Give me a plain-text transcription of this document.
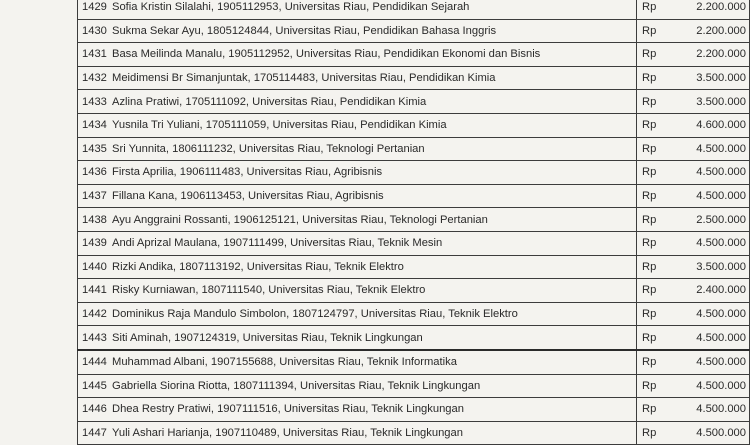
1429 Sofia Kristin Silalahi, 1905112953, Universitas Riau, Pendidikan Sejarah	Rp 2.200.000
1430 Sukma Sekar Ayu, 1805124844, Universitas Riau, Pendidikan Bahasa Inggris	Rp 2.200.000
1431 Basa Meilinda Manalu, 1905112952, Universitas Riau, Pendidikan Ekonomi dan Bisnis	Rp 2.200.000
1432 Meidimensi Br Simanjuntak, 1705114483, Universitas Riau, Pendidikan Kimia	Rp 3.500.000
1433 Azlina Pratiwi, 1705111092, Universitas Riau, Pendidikan Kimia	Rp 3.500.000
1434 Yusnila Tri Yuliani, 1705111059, Universitas Riau, Pendidikan Kimia	Rp 4.600.000
1435 Sri Yunnita, 1806111232, Universitas Riau, Teknologi Pertanian	Rp 4.500.000
1436 Firsta Aprilia, 1906111483, Universitas Riau, Agribisnis	Rp 4.500.000
1437 Fillana Kana, 1906113453, Universitas Riau, Agribisnis	Rp 4.500.000
1438 Ayu Anggraini Rossanti, 1906125121, Universitas Riau, Teknologi Pertanian	Rp 2.500.000
1439 Andi Aprizal Maulana, 1907111499, Universitas Riau, Teknik Mesin	Rp 4.500.000
1440 Rizki Andika, 1807113192, Universitas Riau, Teknik Elektro	Rp 3.500.000
1441 Risky Kurniawan, 1807111540, Universitas Riau, Teknik Elektro	Rp 2.400.000
1442 Dominikus Raja Mandulo Simbolon, 1807124797, Universitas Riau, Teknik Elektro	Rp 4.500.000
1443 Siti Aminah, 1907124319, Universitas Riau, Teknik Lingkungan	Rp 4.500.000
1444 Muhammad Albani, 1907155688, Universitas Riau, Teknik Informatika	Rp 4.500.000
1445 Gabriella Siorina Riotta, 1807111394, Universitas Riau, Teknik Lingkungan	Rp 4.500.000
1446 Dhea Restry Pratiwi, 1907111516, Universitas Riau, Teknik Lingkungan	Rp 4.500.000
1447 Yuli Ashari Harianja, 1907110489, Universitas Riau, Teknik Lingkungan	Rp 4.500.000
